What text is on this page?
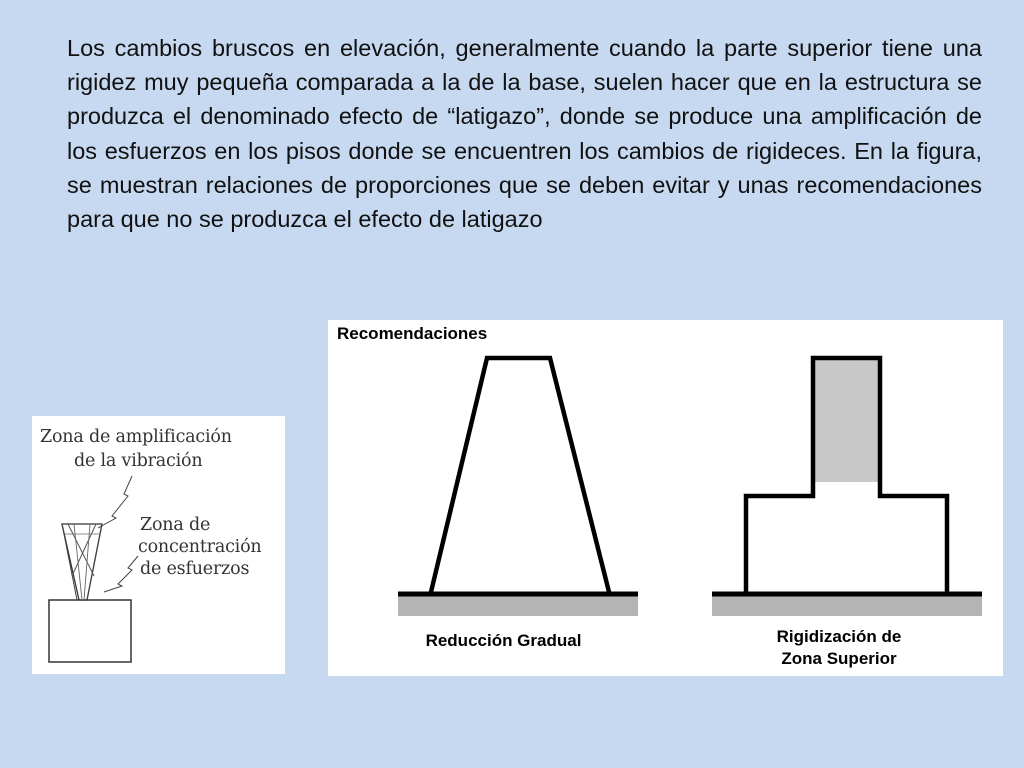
Los cambios bruscos en elevación, generalmente cuando la parte superior tiene una rigidez muy pequeña comparada a la de la base, suelen hacer que en la estructura se produzca el denominado efecto de “latigazo”, donde se produce una amplificación de los esfuerzos en los pisos donde se encuentren los cambios de rigideces. En la figura, se muestran relaciones de proporciones que se deben evitar y unas recomendaciones para que no se produzca el efecto de latigazo

Zona de amplificación
de la vibración
Zona de
concentración
de esfuerzos
Recomendaciones
Reducción Gradual	Rigidización de
Zona Superior
